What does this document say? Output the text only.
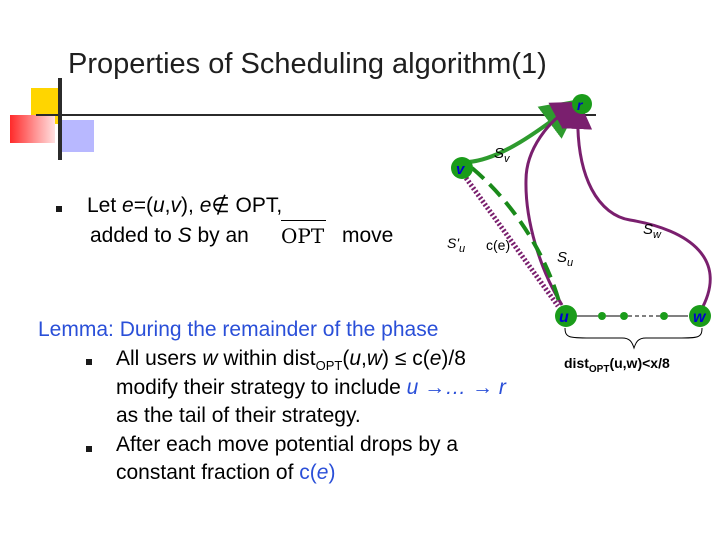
Properties of Scheduling algorithm(1)
Let e=(u,v), e∉ OPT,
added to S by an OPT move
Lemma: During the remainder of the phase
All users w within dist$_{OPT}$(u,w) ≤ c(e)/8
modify their strategy to include u →… → r
as the tail of their strategy.
After each move potential drops by a
constant fraction of c(e)
r
v
u	w
$S_v$
$S_w$
$S_u$
$S'_u$ c(e)
dist$_{OPT}$(u,w)<x/8
